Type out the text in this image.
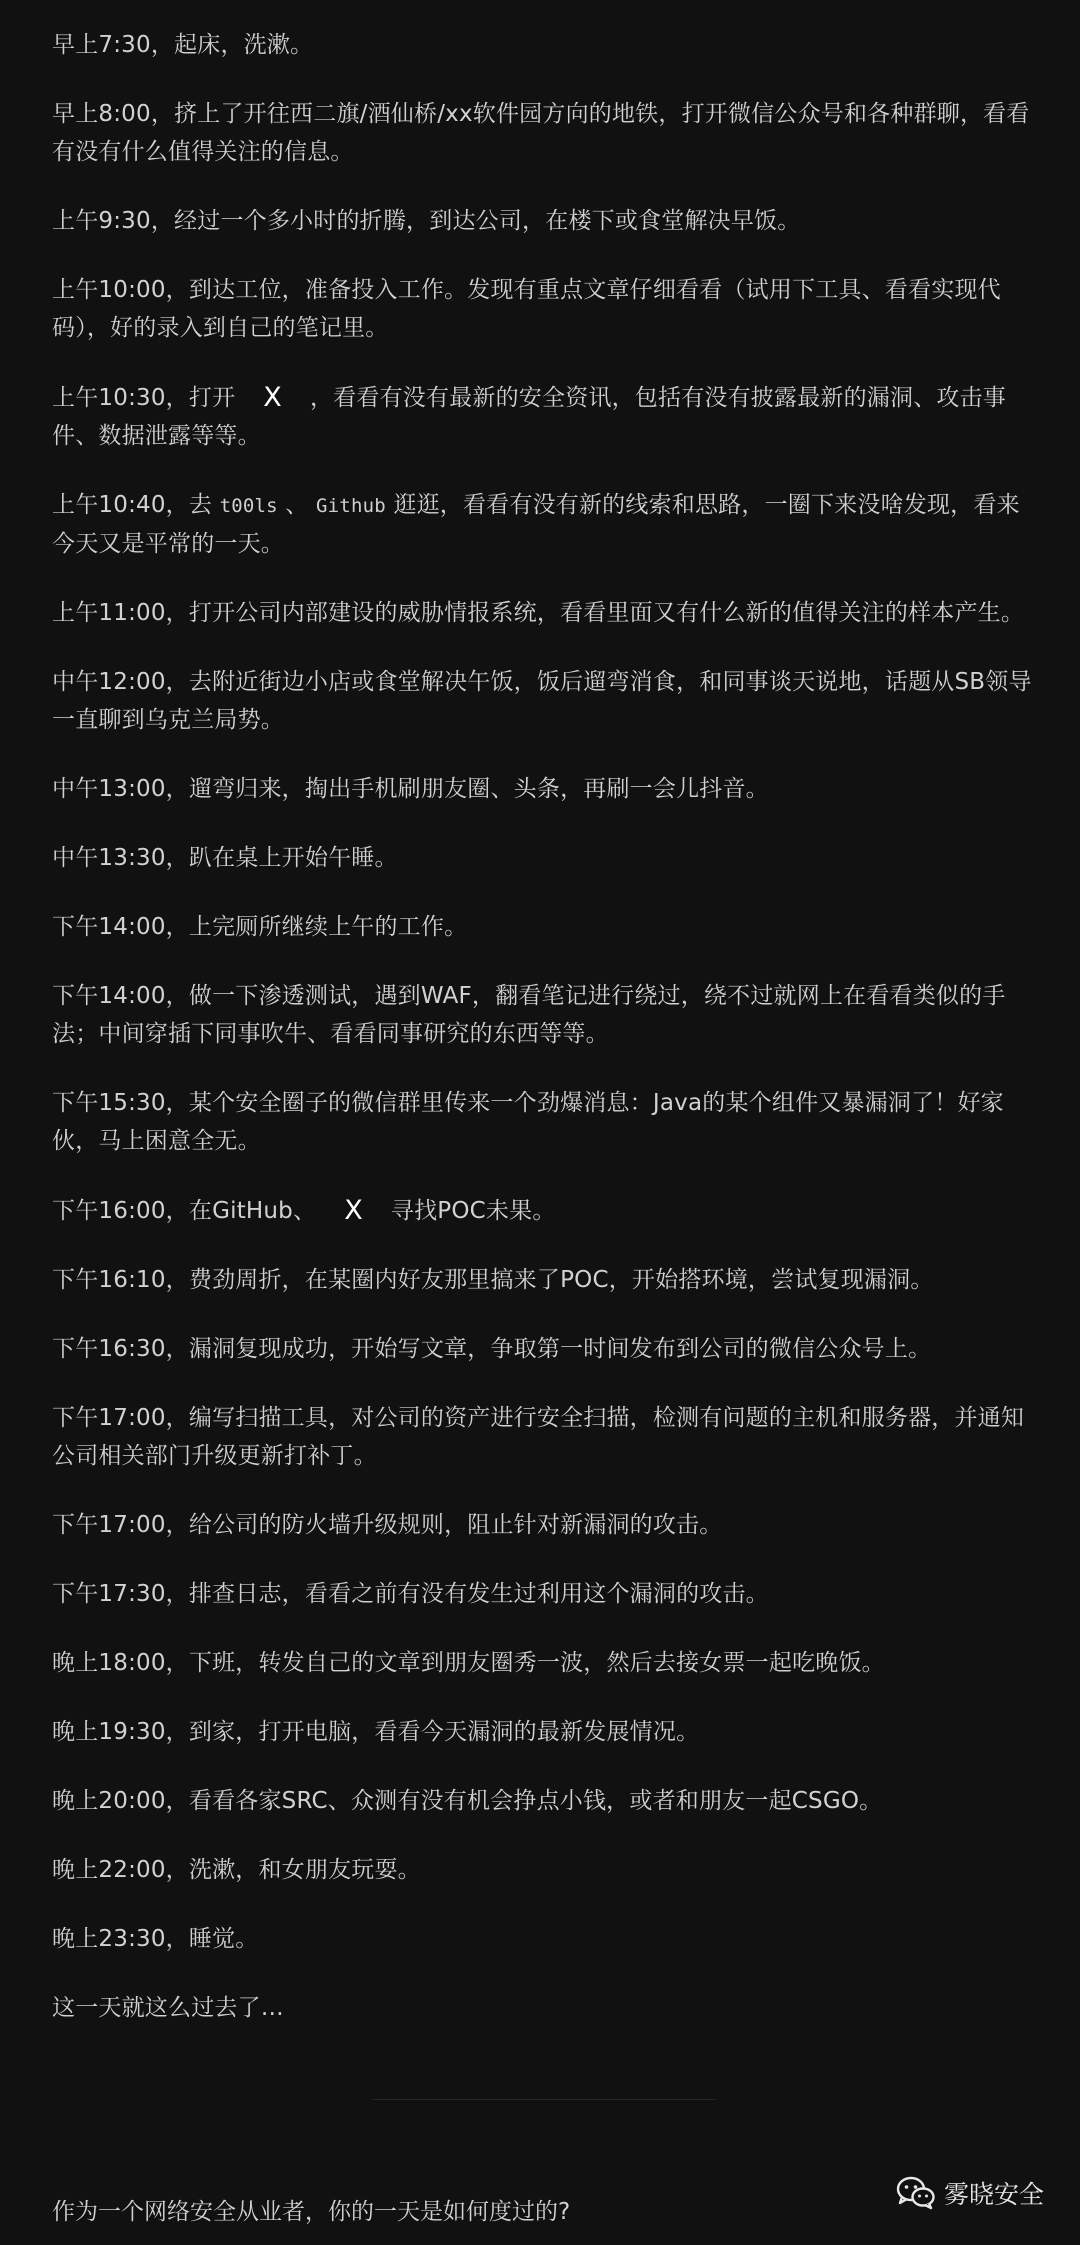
早上7:30，起床，洗漱。

早上8:00，挤上了开往西二旗/酒仙桥/xx软件园方向的地铁，打开微信公众号和各种群聊，看看有没有什么值得关注的信息。

上午9:30，经过一个多小时的折腾，到达公司，在楼下或食堂解决早饭。

上午10:00，到达工位，准备投入工作。发现有重点文章仔细看看（试用下工具、看看实现代码），好的录入到自己的笔记里。

上午10:30，打开 X ，看看有没有最新的安全资讯，包括有没有披露最新的漏洞、攻击事件、数据泄露等等。

上午10:40，去 t00ls 、 Github 逛逛，看看有没有新的线索和思路，一圈下来没啥发现，看来今天又是平常的一天。

上午11:00，打开公司内部建设的威胁情报系统，看看里面又有什么新的值得关注的样本产生。

中午12:00，去附近街边小店或食堂解决午饭，饭后遛弯消食，和同事谈天说地，话题从SB领导一直聊到乌克兰局势。

中午13:00，遛弯归来，掏出手机刷朋友圈、头条，再刷一会儿抖音。

中午13:30，趴在桌上开始午睡。

下午14:00，上完厕所继续上午的工作。

下午14:00，做一下渗透测试，遇到WAF，翻看笔记进行绕过，绕不过就网上在看看类似的手法；中间穿插下同事吹牛、看看同事研究的东西等等。

下午15:30，某个安全圈子的微信群里传来一个劲爆消息：Java的某个组件又暴漏洞了！好家伙，马上困意全无。

下午16:00，在GitHub、 X 寻找POC未果。

下午16:10，费劲周折，在某圈内好友那里搞来了POC，开始搭环境，尝试复现漏洞。

下午16:30，漏洞复现成功，开始写文章，争取第一时间发布到公司的微信公众号上。

下午17:00，编写扫描工具，对公司的资产进行安全扫描，检测有问题的主机和服务器，并通知公司相关部门升级更新打补丁。

下午17:00，给公司的防火墙升级规则，阻止针对新漏洞的攻击。

下午17:30，排查日志，看看之前有没有发生过利用这个漏洞的攻击。

晚上18:00，下班，转发自己的文章到朋友圈秀一波，然后去接女票一起吃晚饭。

晚上19:30，到家，打开电脑，看看今天漏洞的最新发展情况。

晚上20:00，看看各家SRC、众测有没有机会挣点小钱，或者和朋友一起CSGO。

晚上22:00，洗漱，和女朋友玩耍。

晚上23:30，睡觉。

这一天就这么过去了…

作为一个网络安全从业者，你的一天是如何度过的?
雾晓安全
